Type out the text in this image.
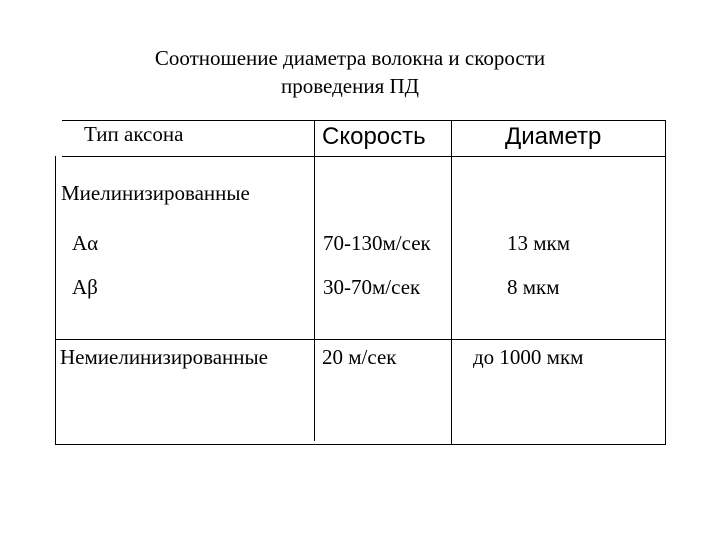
Соотношение диаметра волокна и скорости
проведения ПД
Тип аксона	Скорость	Диаметр
Миелинизированные
Aα	70-130м/сек	13 мкм
Aβ	30-70м/сек	8 мкм
Немиелинизированные	20 м/сек	до 1000 мкм
